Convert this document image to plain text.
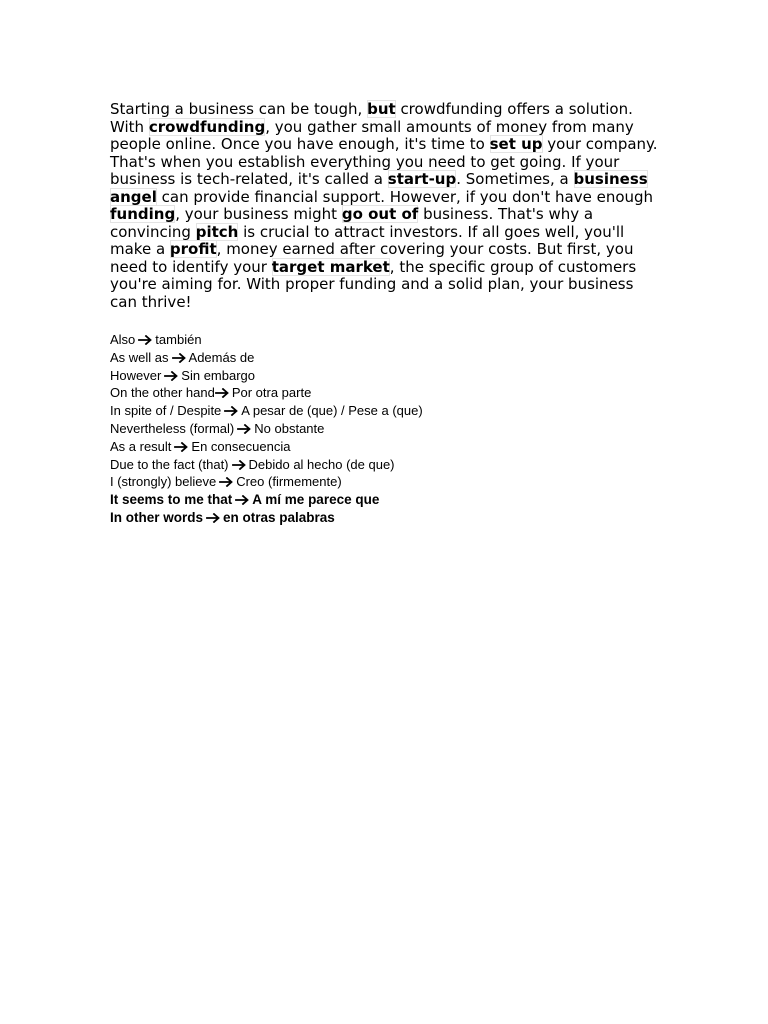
Starting a business can be tough, but crowdfunding offers a solution. With crowdfunding, you gather small amounts of money from many people online. Once you have enough, it's time to set up your company. That's when you establish everything you need to get going. If your business is tech-related, it's called a start-up. Sometimes, a business angel can provide financial support. However, if you don't have enough funding, your business might go out of business. That's why a convincing pitch is crucial to attract investors. If all goes well, you'll make a profit, money earned after covering your costs. But first, you need to identify your target market, the specific group of customers you're aiming for. With proper funding and a solid plan, your business can thrive!

Also también
As well as Además de
However Sin embargo
On the other hand Por otra parte
In spite of / Despite A pesar de (que) / Pese a (que)
Nevertheless (formal) No obstante
As a result En consecuencia
Due to the fact (that) Debido al hecho (de que)
I (strongly) believe Creo (firmemente)
It seems to me that A mí me parece que
In other words en otras palabras
